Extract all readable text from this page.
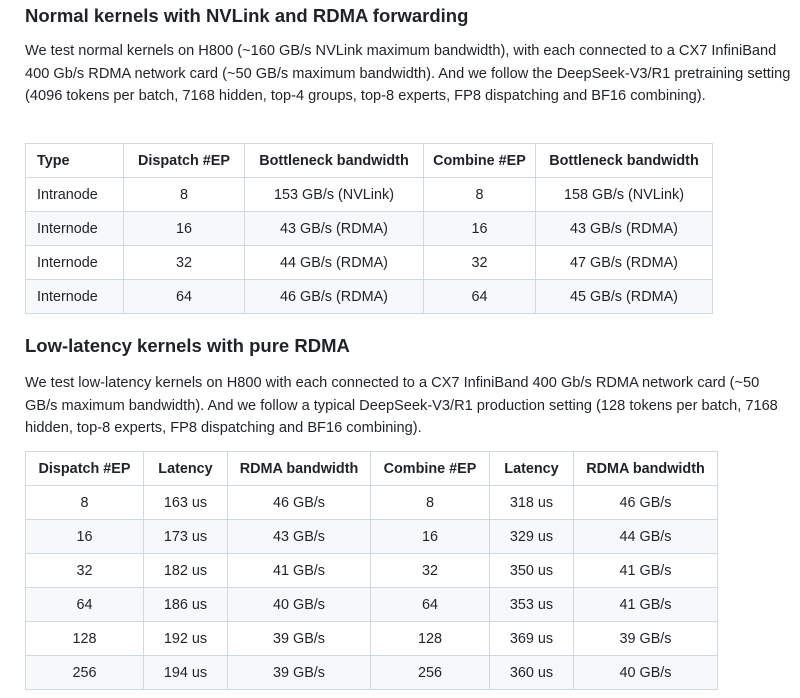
Normal kernels with NVLink and RDMA forwarding

We test normal kernels on H800 (~160 GB/s NVLink maximum bandwidth), with each connected to a CX7 InfiniBand 400 Gb/s RDMA network card (~50 GB/s maximum bandwidth). And we follow the DeepSeek-V3/R1 pretraining setting (4096 tokens per batch, 7168 hidden, top-4 groups, top-8 experts, FP8 dispatching and BF16 combining).

Type	Dispatch #EP	Bottleneck bandwidth	Combine #EP	Bottleneck bandwidth
Intranode	8	153 GB/s (NVLink)	8	158 GB/s (NVLink)
Internode	16	43 GB/s (RDMA)	16	43 GB/s (RDMA)
Internode	32	44 GB/s (RDMA)	32	47 GB/s (RDMA)
Internode	64	46 GB/s (RDMA)	64	45 GB/s (RDMA)
Low-latency kernels with pure RDMA

We test low-latency kernels on H800 with each connected to a CX7 InfiniBand 400 Gb/s RDMA network card (~50 GB/s maximum bandwidth). And we follow a typical DeepSeek-V3/R1 production setting (128 tokens per batch, 7168 hidden, top-8 experts, FP8 dispatching and BF16 combining).

Dispatch #EP	Latency	RDMA bandwidth	Combine #EP	Latency	RDMA bandwidth
8	163 us	46 GB/s	8	318 us	46 GB/s
16	173 us	43 GB/s	16	329 us	44 GB/s
32	182 us	41 GB/s	32	350 us	41 GB/s
64	186 us	40 GB/s	64	353 us	41 GB/s
128	192 us	39 GB/s	128	369 us	39 GB/s
256	194 us	39 GB/s	256	360 us	40 GB/s
